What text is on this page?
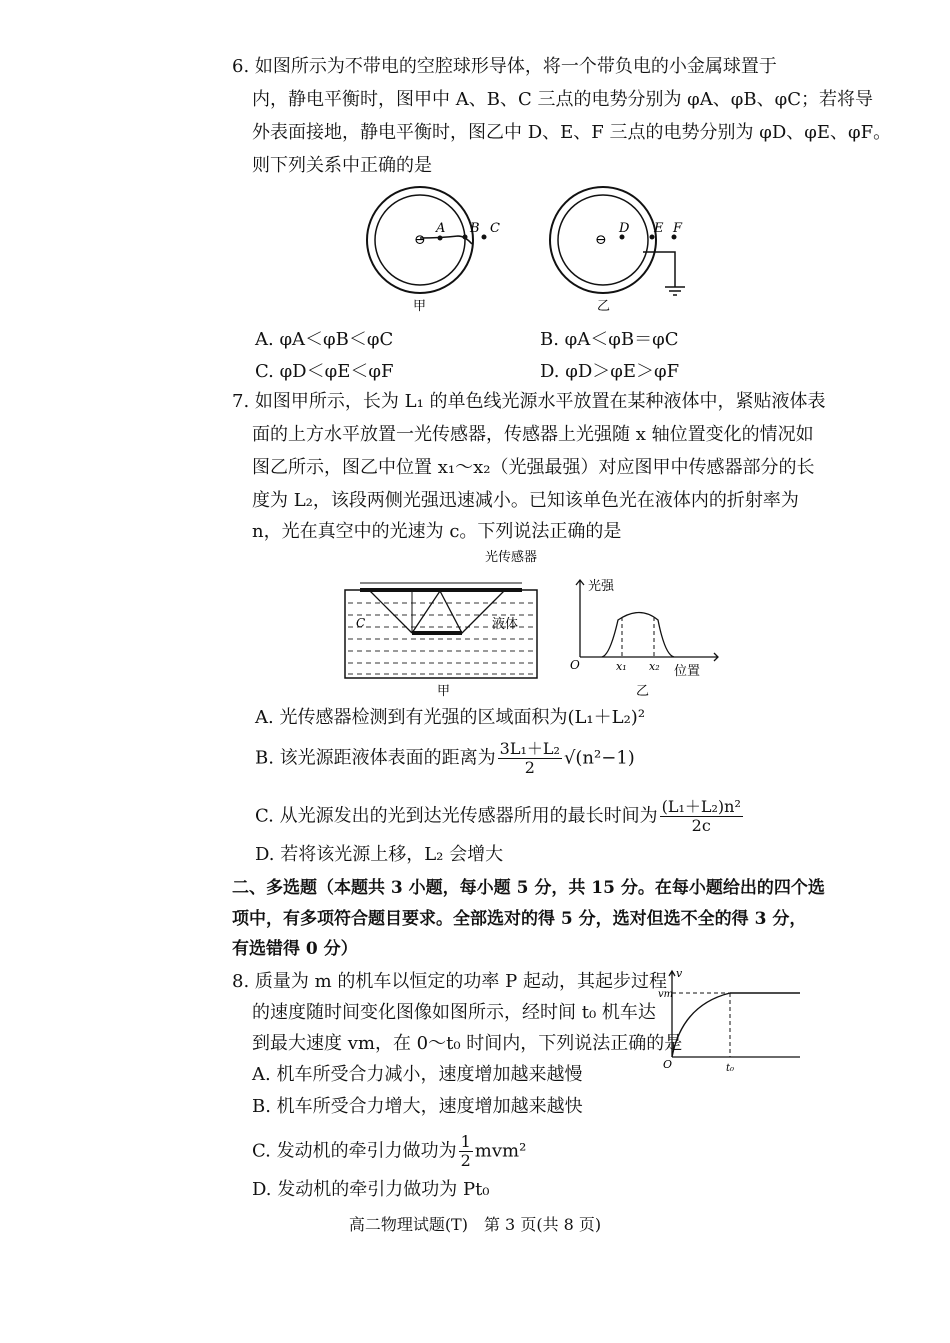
6. 如图所示为不带电的空腔球形导体，将一个带负电的小金属球置于
内，静电平衡时，图甲中 A、B、C 三点的电势分别为 φA、φB、φC；若将导
外表面接地，静电平衡时，图乙中 D、E、F 三点的电势分别为 φD、φE、φF。
则下列关系中正确的是
⊖
A B C
甲
⊖
D E F
乙
A. φA＜φB＜φC	B. φA＜φB＝φC
C. φD＜φE＜φF	D. φD＞φE＞φF
7. 如图甲所示，长为 L₁ 的单色线光源水平放置在某种液体中，紧贴液体表
面的上方水平放置一光传感器，传感器上光强随 x 轴位置变化的情况如
图乙所示，图乙中位置 x₁～x₂（光强最强）对应图甲中传感器部分的长
度为 L₂，该段两侧光强迅速减小。已知该单色光在液体内的折射率为
n，光在真空中的光速为 c。下列说法正确的是
光传感器
C	液体
甲
光强
位置
O	x₁ x₂
乙
A. 光传感器检测到有光强的区域面积为(L₁＋L₂)²
B. 该光源距液体表面的距离为 $\frac{\text{3L₁＋L₂}}{2} √(n^2-1)$
C. 从光源发出的光到达光传感器所用的最长时间为 $\frac{\text{(L₁＋L₂)n²}}{2c}$
D. 若将该光源上移，L₂ 会增大
二、多选题（本题共 3 小题，每小题 5 分，共 15 分。在每小题给出的四个选
项中，有多项符合题目要求。全部选对的得 5 分，选对但选不全的得 3 分，
有选错得 0 分）
8. 质量为 m 的机车以恒定的功率 P 起动，其起步过程
的速度随时间变化图像如图所示，经时间 t₀ 机车达
到最大速度 vm，在 0～t₀ 时间内，下列说法正确的是
v
vm
O	t₀
A. 机车所受合力减小，速度增加越来越慢
B. 机车所受合力增大，速度增加越来越快
C. 发动机的牵引力做功为 $\frac{1}{2} mvm^2$
D. 发动机的牵引力做功为 Pt₀
高二物理试题(T)　第 3 页(共 8 页)
